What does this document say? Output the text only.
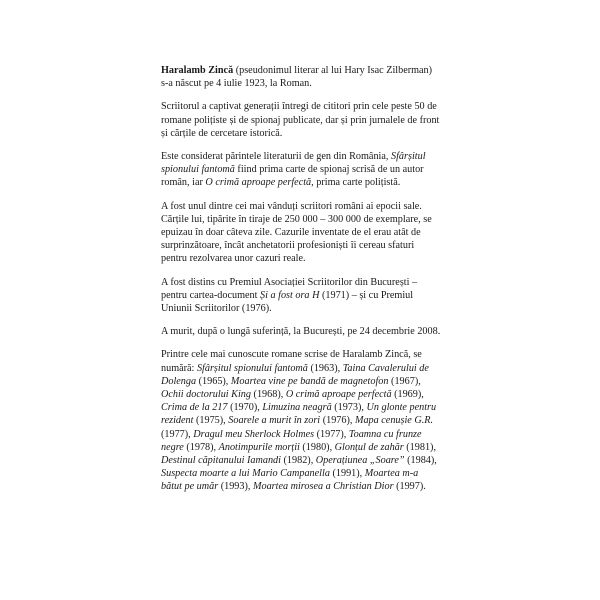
Haralamb Zincă (pseudonimul literar al lui Hary Isac Zilberman) s-a născut pe 4 iulie 1923, la Roman.

Scriitorul a captivat generații întregi de cititori prin cele peste 50 de romane polițiste și de spionaj publicate, dar și prin jurnalele de front și cărțile de cercetare istorică.

Este considerat părintele literaturii de gen din România, Sfârșitul spionului fantomă fiind prima carte de spionaj scrisă de un autor român, iar O crimă aproape perfectă, prima carte polițistă.

A fost unul dintre cei mai vânduți scriitori români ai epocii sale. Cărțile lui, tipărite în tiraje de 250 000 – 300 000 de exemplare, se epuizau în doar câteva zile. Cazurile inventate de el erau atât de surprinzătoare, încât anchetatorii profesioniști îi cereau sfaturi pentru rezolvarea unor cazuri reale.

A fost distins cu Premiul Asociației Scriitorilor din București – pentru cartea-document Și a fost ora H (1971) – și cu Premiul Uniunii Scriitorilor (1976).

A murit, după o lungă suferință, la București, pe 24 decembrie 2008.

Printre cele mai cunoscute romane scrise de Haralamb Zincă, se numără: Sfârșitul spionului fantomă (1963), Taina Cavalerului de Dolenga (1965), Moartea vine pe bandă de magnetofon (1967), Ochii doctorului King (1968), O crimă aproape perfectă (1969), Crima de la 217 (1970), Limuzina neagră (1973), Un glonte pentru rezident (1975), Soarele a murit în zori (1976), Mapa cenușie G.R. (1977), Dragul meu Sherlock Holmes (1977), Toamna cu frunze negre (1978), Anotimpurile morții (1980), Glonțul de zahăr (1981), Destinul căpitanului Iamandi (1982), Operațiunea „Soare” (1984), Suspecta moarte a lui Mario Campanella (1991), Moartea m-a bătut pe umăr (1993), Moartea mirosea a Christian Dior (1997).
